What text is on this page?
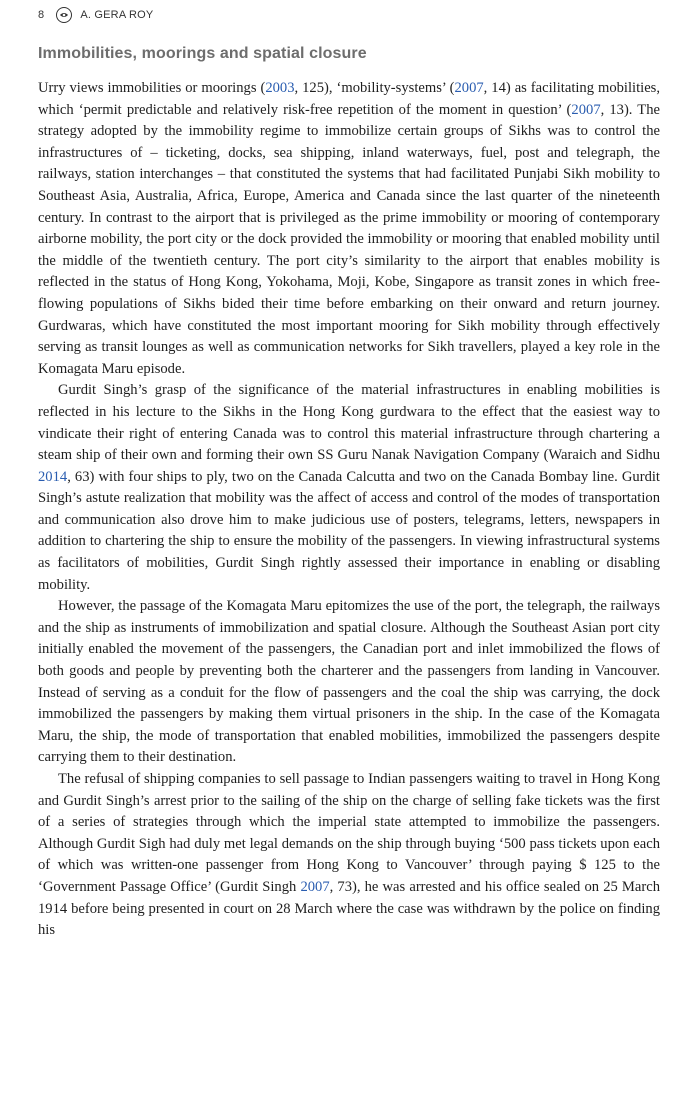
8	A. GERA ROY
Immobilities, moorings and spatial closure

Urry views immobilities or moorings (2003, 125), ‘mobility-systems’ (2007, 14) as facilitating mobilities, which ‘permit predictable and relatively risk-free repetition of the moment in question’ (2007, 13). The strategy adopted by the immobility regime to immobilize certain groups of Sikhs was to control the infrastructures of – ticketing, docks, sea shipping, inland waterways, fuel, post and telegraph, the railways, station interchanges – that constituted the systems that had facilitated Punjabi Sikh mobility to Southeast Asia, Australia, Africa, Europe, America and Canada since the last quarter of the nineteenth century. In contrast to the airport that is privileged as the prime immobility or mooring of contemporary airborne mobility, the port city or the dock provided the immobility or mooring that enabled mobility until the middle of the twentieth century. The port city’s similarity to the airport that enables mobility is reflected in the status of Hong Kong, Yokohama, Moji, Kobe, Singapore as transit zones in which free-flowing populations of Sikhs bided their time before embarking on their onward and return journey. Gurdwaras, which have constituted the most important mooring for Sikh mobility through effectively serving as transit lounges as well as communication networks for Sikh travellers, played a key role in the Komagata Maru episode.

Gurdit Singh’s grasp of the significance of the material infrastructures in enabling mobilities is reflected in his lecture to the Sikhs in the Hong Kong gurdwara to the effect that the easiest way to vindicate their right of entering Canada was to control this material infrastructure through chartering a steam ship of their own and forming their own SS Guru Nanak Navigation Company (Waraich and Sidhu 2014, 63) with four ships to ply, two on the Canada Calcutta and two on the Canada Bombay line. Gurdit Singh’s astute realization that mobility was the affect of access and control of the modes of transportation and communication also drove him to make judicious use of posters, telegrams, letters, newspapers in addition to chartering the ship to ensure the mobility of the passengers. In viewing infrastructural systems as facilitators of mobilities, Gurdit Singh rightly assessed their importance in enabling or disabling mobility.

However, the passage of the Komagata Maru epitomizes the use of the port, the telegraph, the railways and the ship as instruments of immobilization and spatial closure. Although the Southeast Asian port city initially enabled the movement of the passengers, the Canadian port and inlet immobilized the flows of both goods and people by preventing both the charterer and the passengers from landing in Vancouver. Instead of serving as a conduit for the flow of passengers and the coal the ship was carrying, the dock immobilized the passengers by making them virtual prisoners in the ship. In the case of the Komagata Maru, the ship, the mode of transportation that enabled mobilities, immobilized the passengers despite carrying them to their destination.

The refusal of shipping companies to sell passage to Indian passengers waiting to travel in Hong Kong and Gurdit Singh’s arrest prior to the sailing of the ship on the charge of selling fake tickets was the first of a series of strategies through which the imperial state attempted to immobilize the passengers. Although Gurdit Sigh had duly met legal demands on the ship through buying ‘500 pass tickets upon each of which was written-one passenger from Hong Kong to Vancouver’ through paying $ 125 to the ‘Government Passage Office’ (Gurdit Singh 2007, 73), he was arrested and his office sealed on 25 March 1914 before being presented in court on 28 March where the case was withdrawn by the police on finding his
